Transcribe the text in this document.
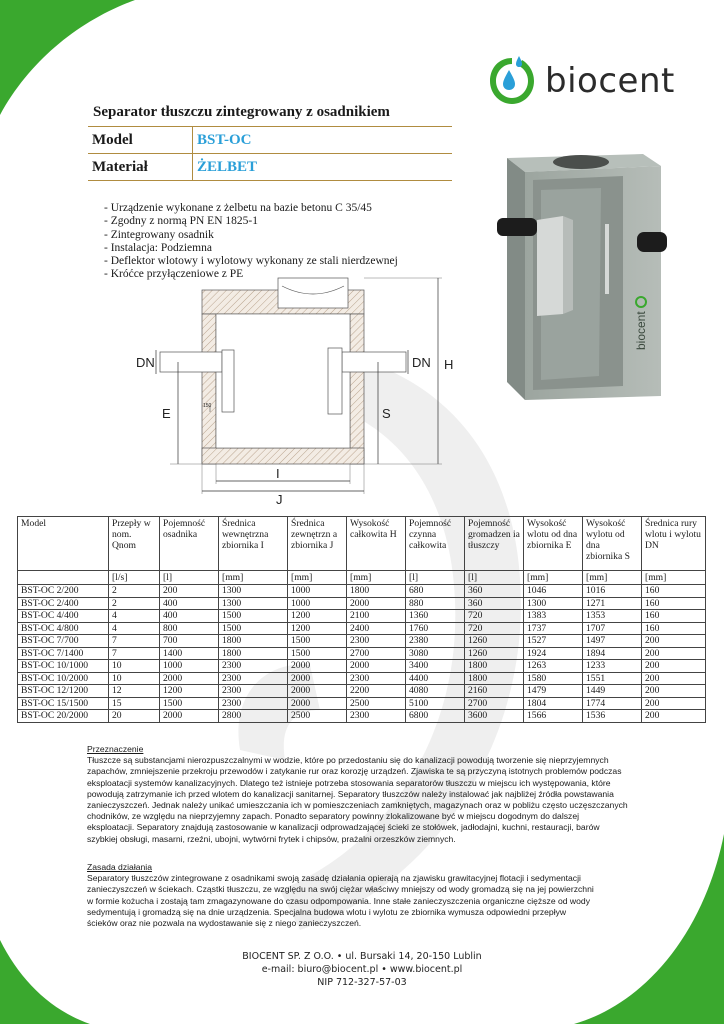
biocent
Separator tłuszczu zintegrowany z osadnikiem
Model	BST-OC
Materiał	ŻELBET
- Urządzenie wykonane z żelbetu na bazie betonu C 35/45
- Zgodny z normą PN EN 1825-1
- Zintegrowany osadnik
- Instalacja: Podziemna
- Deflektor wlotowy i wylotowy wykonany ze stali nierdzewnej
- Króćce przyłączeniowe z PE
DN	DN H
E	S
150
I
J
biocent
Model	Przepły w nom. Qnom	Pojemność osadnika	Średnica wewnętrzna zbiornika I	Średnica zewnętrzn a zbiornika J	Wysokość całkowita H	Pojemność czynna całkowita	Pojemność gromadzen ia tłuszczy	Wysokość wlotu od dna zbiornika E	Wysokość wylotu od dna zbiornika S	Średnica rury wlotu i wylotu DN
	[l/s]	[l]	[mm]	[mm]	[mm]	[l]	[l]	[mm]	[mm]	[mm]
BST-OC 2/200	2	200	1300	1000	1800	680	360	1046	1016	160
BST-OC 2/400	2	400	1300	1000	2000	880	360	1300	1271	160
BST-OC 4/400	4	400	1500	1200	2100	1360	720	1383	1353	160
BST-OC 4/800	4	800	1500	1200	2400	1760	720	1737	1707	160
BST-OC 7/700	7	700	1800	1500	2300	2380	1260	1527	1497	200
BST-OC 7/1400	7	1400	1800	1500	2700	3080	1260	1924	1894	200
BST-OC 10/1000	10	1000	2300	2000	2000	3400	1800	1263	1233	200
BST-OC 10/2000	10	2000	2300	2000	2300	4400	1800	1580	1551	200
BST-OC 12/1200	12	1200	2300	2000	2200	4080	2160	1479	1449	200
BST-OC 15/1500	15	1500	2300	2000	2500	5100	2700	1804	1774	200
BST-OC 20/2000	20	2000	2800	2500	2300	6800	3600	1566	1536	200
Przeznaczenie
Tłuszcze są substancjami nierozpuszczalnymi w wodzie, które po przedostaniu się do kanalizacji powodują tworzenie się nieprzyjemnych
zapachów, zmniejszenie przekroju przewodów i zatykanie rur oraz korozję urządzeń. Zjawiska te są przyczyną istotnych problemów podczas
eksploatacji systemów kanalizacyjnych. Dlatego też istnieje potrzeba stosowania separatorów tłuszczu w miejscu ich występowania, które
powodują zatrzymanie ich przed wlotem do kanalizacji sanitarnej. Separatory tłuszczów należy instalować jak najbliżej źródła powstawania
zanieczyszczeń. Jednak należy unikać umieszczania ich w pomieszczeniach zamkniętych, magazynach oraz w pobliżu często uczęszczanych
chodników, ze względu na nieprzyjemny zapach. Ponadto separatory powinny zlokalizowane być w miejscu dogodnym do dalszej
eksploatacji. Separatory znajdują zastosowanie w kanalizacji odprowadzającej ścieki ze stołówek, jadłodajni, kuchni, restauracji, barów
szybkiej obsługi, masarni, rzeźni, ubojni, wytwórni frytek i chipsów, prażalni orzeszków ziemnych.
Zasada działania
Separatory tłuszczów zintegrowane z osadnikami swoją zasadę działania opierają na zjawisku grawitacyjnej flotacji i sedymentacji
zanieczyszczeń w ściekach. Cząstki tłuszczu, ze względu na swój ciężar właściwy mniejszy od wody gromadzą się na jej powierzchni
w formie kożucha i zostają tam zmagazynowane do czasu odpompowania. Inne stałe zanieczyszczenia organiczne cięższe od wody
sedymentują i gromadzą się na dnie urządzenia. Specjalna budowa wlotu i wylotu ze zbiornika wymusza odpowiedni przepływ
ścieków oraz nie pozwala na wydostawanie się z niego zanieczyszczeń.
BIOCENT SP. Z O.O. • ul. Bursaki 14, 20-150 Lublin
e-mail: biuro@biocent.pl • www.biocent.pl
NIP 712-327-57-03
